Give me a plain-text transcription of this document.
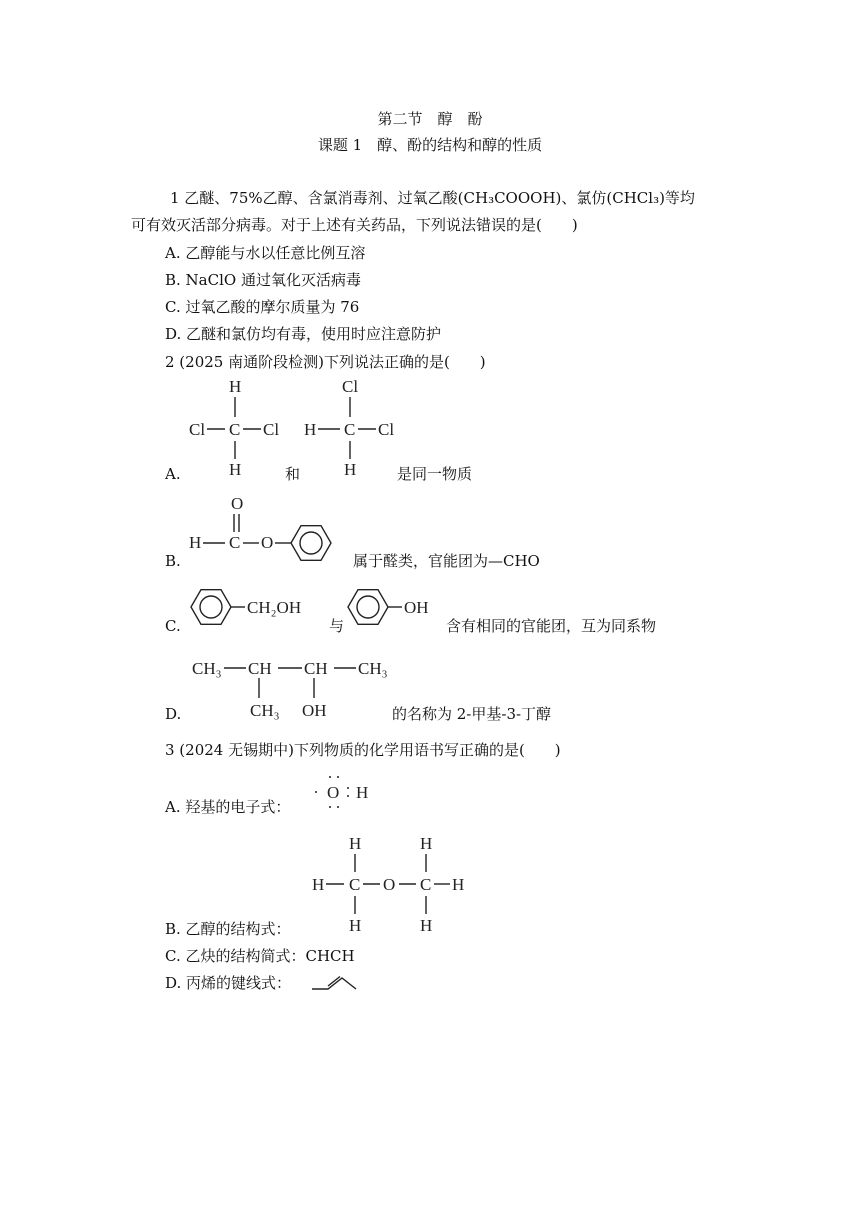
第二节　醇　酚
课题 1　醇、酚的结构和醇的性质
1 乙醚、75%乙醇、含氯消毒剂、过氧乙酸(CH₃COOOH)、氯仿(CHCl₃)等均
可有效灭活部分病毒。对于上述有关药品，下列说法错误的是(　　)
A. 乙醇能与水以任意比例互溶
B. NaClO 通过氧化灭活病毒
C. 过氧乙酸的摩尔质量为 76
D. 乙醚和氯仿均有毒，使用时应注意防护
2 (2025 南通阶段检测)下列说法正确的是(　　)
H
Cl C Cl
H
Cl
H C Cl
H
A.	和	是同一物质
O
H C O
B.	属于醛类，官能团为—CHO
CH₂OH	OH
C.	与	含有相同的官能团，互为同系物
CH₃ CH CH CH₃
CH₃ OH
D.	的名称为 2-甲基-3-丁醇
3 (2024 无锡期中)下列物质的化学用语书写正确的是(　　)
O H
A. 羟基的电子式：
H	H
H C O C H
H	H
B. 乙醇的结构式：
C. 乙炔的结构简式：CHCH
D. 丙烯的键线式：
